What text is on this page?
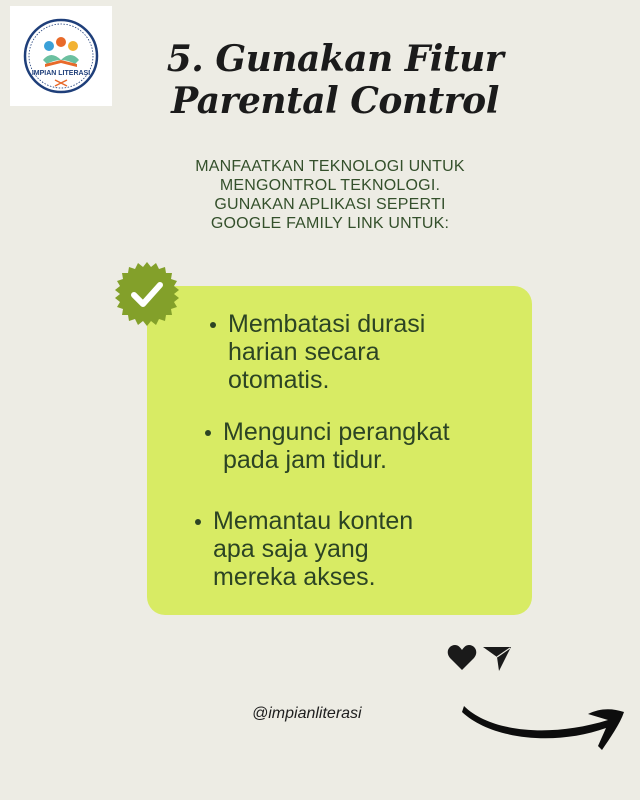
IMPIAN LITERASI	5. Gunakan Fitur
Parental Control
MANFAATKAN TEKNOLOGI UNTUK
MENGONTROL TEKNOLOGI.
GUNAKAN APLIKASI SEPERTI
GOOGLE FAMILY LINK UNTUK:
Membatasi durasi
harian secara
otomatis.
Mengunci perangkat
pada jam tidur.
Memantau konten
apa saja yang
mereka akses.
@impianliterasi
